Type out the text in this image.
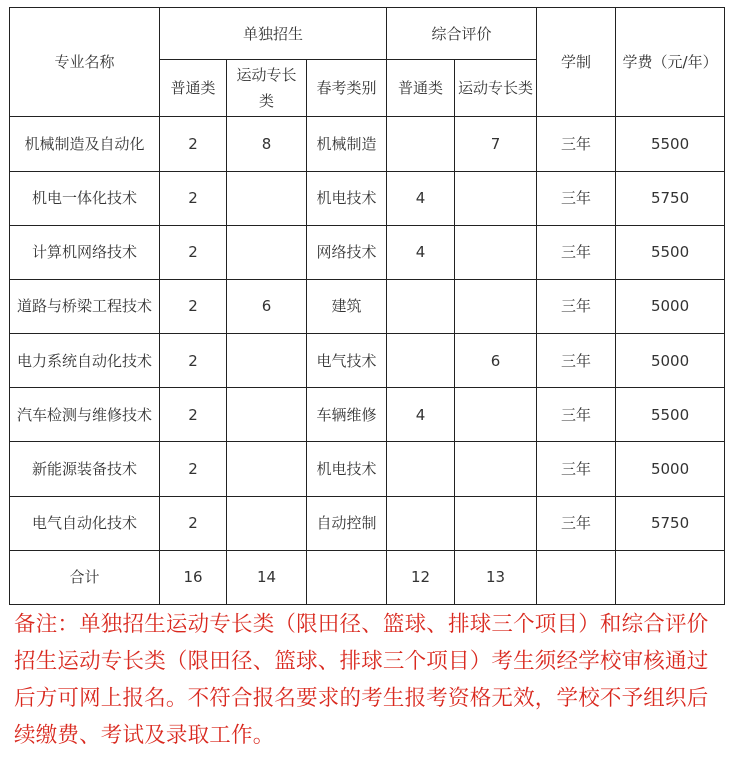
专业名称	单独招生			综合评价		学制	学费（元/年）
	普通类	运动专长类	春考类别	普通类	运动专长类		
机械制造及自动化	2	8	机械制造		7	三年	5500
机电一体化技术	2		机电技术	4		三年	5750
计算机网络技术	2		网络技术	4		三年	5500
道路与桥梁工程技术	2	6	建筑			三年	5000
电力系统自动化技术	2		电气技术		6	三年	5000
汽车检测与维修技术	2		车辆维修	4		三年	5500
新能源装备技术	2		机电技术			三年	5000
电气自动化技术	2		自动控制			三年	5750
合计	16	14		12	13		
备注：单独招生运动专长类（限田径、篮球、排球三个项目）和综合评价招生运动专长类（限田径、篮球、排球三个项目）考生须经学校审核通过后方可网上报名。不符合报名要求的考生报考资格无效，学校不予组织后续缴费、考试及录取工作。
